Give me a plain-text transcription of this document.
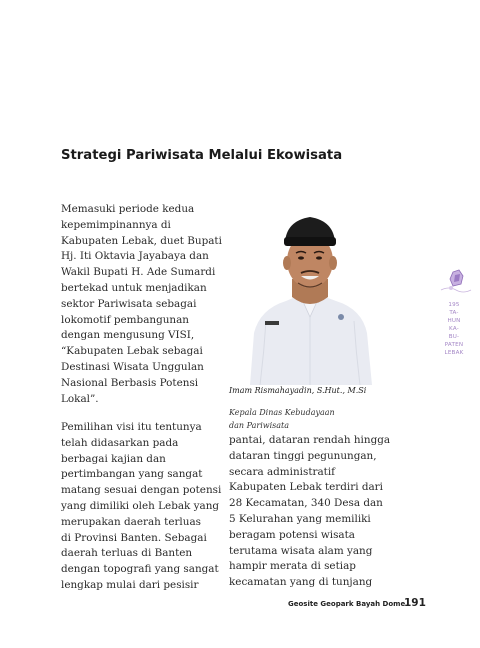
Strategi Pariwisata Melalui Ekowisata

Memasuki periode kedua

kepemimpinannya di

Kabupaten Lebak, duet Bupati

Hj. Iti Oktavia Jayabaya dan

Wakil Bupati H. Ade Sumardi

bertekad untuk menjadikan

sektor Pariwisata sebagai

lokomotif pembangunan

dengan mengusung VISI,

“Kabupaten Lebak sebagai

Destinasi Wisata Unggulan

Nasional Berbasis Potensi

Lokal”.

Pemilihan visi itu tentunya

telah didasarkan pada

berbagai kajian dan

pertimbangan yang sangat

matang sesuai dengan potensi

yang dimiliki oleh Lebak yang

merupakan daerah terluas

di Provinsi Banten. Sebagai

daerah terluas di Banten

dengan topografi yang sangat

lengkap mulai dari pesisir

pantai, dataran rendah hingga

dataran tinggi pegunungan,

secara administratif

Kabupaten Lebak terdiri dari

28 Kecamatan, 340 Desa dan

5 Kelurahan yang memiliki

beragam potensi wisata

terutama wisata alam yang

hampir merata di setiap

kecamatan yang di tunjang

Imam Rismahayadin, S.Hut., M.Si

Kepala Dinas Kebudayaan

dan Pariwisata

195
TA-
HUN
KA-
BU-
PATEN
LEBAK
Geosite Geopark Bayah Dome
191
